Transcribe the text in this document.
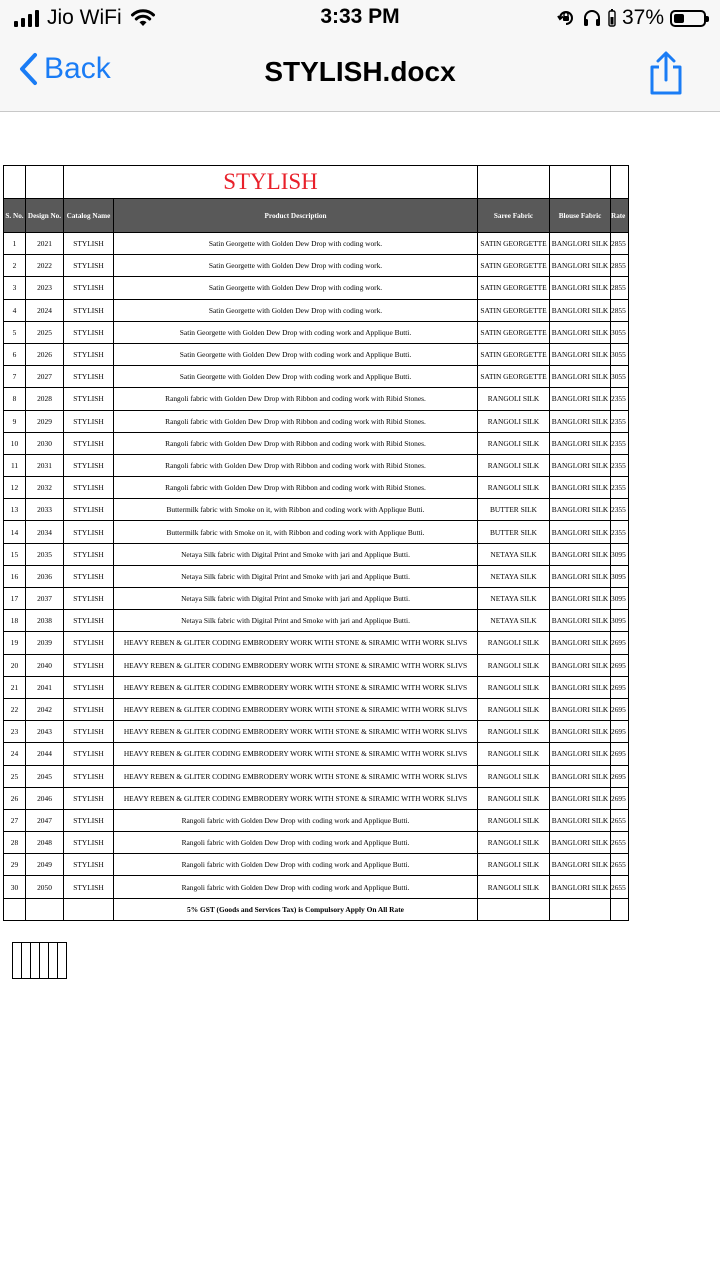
Jio WiFi	3:33 PM	37%
Back	STYLISH.docx
		STYLISH				
S. No.	Design No.	Catalog Name	Product Description	Saree Fabric	Blouse Fabric	Rate

1	2021	STYLISH	Satin Georgette with Golden Dew Drop with coding work.	SATIN GEORGETTE	BANGLORI SILK	2855

2	2022	STYLISH	Satin Georgette with Golden Dew Drop with coding work.	SATIN GEORGETTE	BANGLORI SILK	2855

3	2023	STYLISH	Satin Georgette with Golden Dew Drop with coding work.	SATIN GEORGETTE	BANGLORI SILK	2855

4	2024	STYLISH	Satin Georgette with Golden Dew Drop with coding work.	SATIN GEORGETTE	BANGLORI SILK	2855

5	2025	STYLISH	Satin Georgette with Golden Dew Drop with coding work and Applique Butti.	SATIN GEORGETTE	BANGLORI SILK	3055

6	2026	STYLISH	Satin Georgette with Golden Dew Drop with coding work and Applique Butti.	SATIN GEORGETTE	BANGLORI SILK	3055

7	2027	STYLISH	Satin Georgette with Golden Dew Drop with coding work and Applique Butti.	SATIN GEORGETTE	BANGLORI SILK	3055

8	2028	STYLISH	Rangoli fabric with Golden Dew Drop with Ribbon and coding work with Ribid Stones.	RANGOLI SILK	BANGLORI SILK	2355

9	2029	STYLISH	Rangoli fabric with Golden Dew Drop with Ribbon and coding work with Ribid Stones.	RANGOLI SILK	BANGLORI SILK	2355

10	2030	STYLISH	Rangoli fabric with Golden Dew Drop with Ribbon and coding work with Ribid Stones.	RANGOLI SILK	BANGLORI SILK	2355

11	2031	STYLISH	Rangoli fabric with Golden Dew Drop with Ribbon and coding work with Ribid Stones.	RANGOLI SILK	BANGLORI SILK	2355

12	2032	STYLISH	Rangoli fabric with Golden Dew Drop with Ribbon and coding work with Ribid Stones.	RANGOLI SILK	BANGLORI SILK	2355

13	2033	STYLISH	Buttermilk fabric with Smoke on it, with Ribbon and coding work with Applique Butti.	BUTTER SILK	BANGLORI SILK	2355

14	2034	STYLISH	Buttermilk fabric with Smoke on it, with Ribbon and coding work with Applique Butti.	BUTTER SILK	BANGLORI SILK	2355

15	2035	STYLISH	Netaya Silk fabric with Digital Print and Smoke with jari and Applique Butti.	NETAYA SILK	BANGLORI SILK	3095

16	2036	STYLISH	Netaya Silk fabric with Digital Print and Smoke with jari and Applique Butti.	NETAYA SILK	BANGLORI SILK	3095

17	2037	STYLISH	Netaya Silk fabric with Digital Print and Smoke with jari and Applique Butti.	NETAYA SILK	BANGLORI SILK	3095

18	2038	STYLISH	Netaya Silk fabric with Digital Print and Smoke with jari and Applique Butti.	NETAYA SILK	BANGLORI SILK	3095

19	2039	STYLISH	HEAVY REBEN & GLITER CODING EMBRODERY WORK WITH STONE & SIRAMIC WITH WORK SLIVS	RANGOLI SILK	BANGLORI SILK	2695

20	2040	STYLISH	HEAVY REBEN & GLITER CODING EMBRODERY WORK WITH STONE & SIRAMIC WITH WORK SLIVS	RANGOLI SILK	BANGLORI SILK	2695

21	2041	STYLISH	HEAVY REBEN & GLITER CODING EMBRODERY WORK WITH STONE & SIRAMIC WITH WORK SLIVS	RANGOLI SILK	BANGLORI SILK	2695

22	2042	STYLISH	HEAVY REBEN & GLITER CODING EMBRODERY WORK WITH STONE & SIRAMIC WITH WORK SLIVS	RANGOLI SILK	BANGLORI SILK	2695

23	2043	STYLISH	HEAVY REBEN & GLITER CODING EMBRODERY WORK WITH STONE & SIRAMIC WITH WORK SLIVS	RANGOLI SILK	BANGLORI SILK	2695

24	2044	STYLISH	HEAVY REBEN & GLITER CODING EMBRODERY WORK WITH STONE & SIRAMIC WITH WORK SLIVS	RANGOLI SILK	BANGLORI SILK	2695

25	2045	STYLISH	HEAVY REBEN & GLITER CODING EMBRODERY WORK WITH STONE & SIRAMIC WITH WORK SLIVS	RANGOLI SILK	BANGLORI SILK	2695

26	2046	STYLISH	HEAVY REBEN & GLITER CODING EMBRODERY WORK WITH STONE & SIRAMIC WITH WORK SLIVS	RANGOLI SILK	BANGLORI SILK	2695

27	2047	STYLISH	Rangoli fabric with Golden Dew Drop with coding work and Applique Butti.	RANGOLI SILK	BANGLORI SILK	2655

28	2048	STYLISH	Rangoli fabric with Golden Dew Drop with coding work and Applique Butti.	RANGOLI SILK	BANGLORI SILK	2655

29	2049	STYLISH	Rangoli fabric with Golden Dew Drop with coding work and Applique Butti.	RANGOLI SILK	BANGLORI SILK	2655

30	2050	STYLISH	Rangoli fabric with Golden Dew Drop with coding work and Applique Butti.	RANGOLI SILK	BANGLORI SILK	2655

			5% GST (Goods and Services Tax) is Compulsory Apply On All Rate			
